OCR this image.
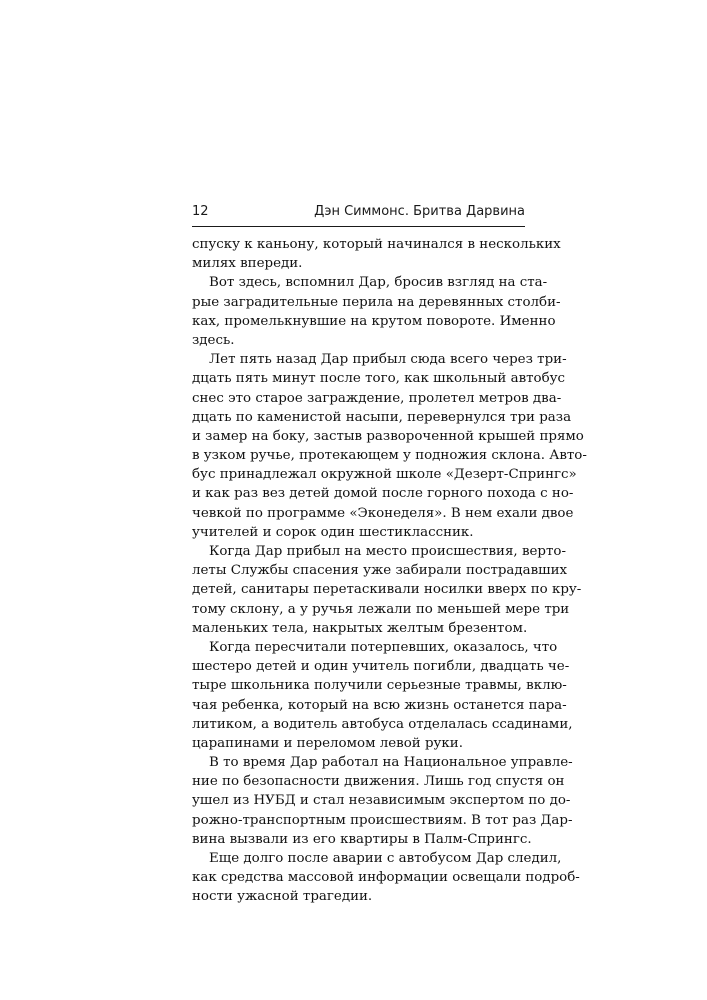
12	Дэн Симмонс. Бритва Дарвина
спуску к каньону, который начинался в нескольких
милях впереди.
Вот здесь, вспомнил Дар, бросив взгляд на ста-
рые заградительные перила на деревянных столби-
ках, промелькнувшие на крутом повороте. Именно
здесь.
Лет пять назад Дар прибыл сюда всего через три-
дцать пять минут после того, как школьный автобус
снес это старое заграждение, пролетел метров два-
дцать по каменистой насыпи, перевернулся три раза
и замер на боку, застыв развороченной крышей прямо
в узком ручье, протекающем у подножия склона. Авто-
бус принадлежал окружной школе «Дезерт-Спрингс»
и как раз вез детей домой после горного похода с но-
чевкой по программе «Эконеделя». В нем ехали двое
учителей и сорок один шестиклассник.
Когда Дар прибыл на место происшествия, верто-
леты Службы спасения уже забирали пострадавших
детей, санитары перетаскивали носилки вверх по кру-
тому склону, а у ручья лежали по меньшей мере три
маленьких тела, накрытых желтым брезентом.
Когда пересчитали потерпевших, оказалось, что
шестеро детей и один учитель погибли, двадцать че-
тыре школьника получили серьезные травмы, вклю-
чая ребенка, который на всю жизнь останется пара-
литиком, а водитель автобуса отделалась ссадинами,
царапинами и переломом левой руки.
В то время Дар работал на Национальное управле-
ние по безопасности движения. Лишь год спустя он
ушел из НУБД и стал независимым экспертом по до-
рожно-транспортным происшествиям. В тот раз Дар-
вина вызвали из его квартиры в Палм-Спрингс.
Еще долго после аварии с автобусом Дар следил,
как средства массовой информации освещали подроб-
ности ужасной трагедии.
